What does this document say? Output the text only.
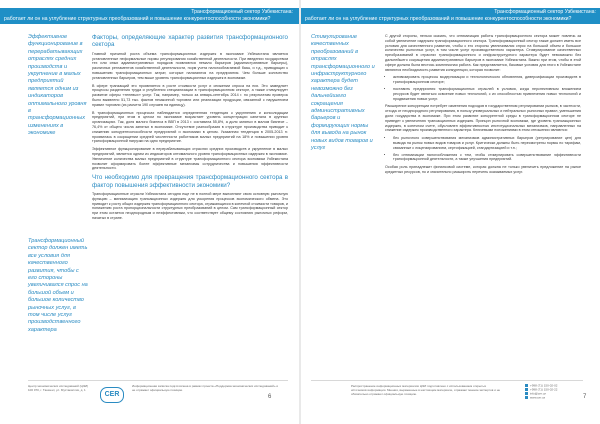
Трансформационный сектор Узбекистана:
работает ли он на углубление структурных преобразований и повышение конкурентоспособности экономики?

Эффективное функционирование в перерабатывающих отраслях средних производств и укрупнение в малых предприятий является одним из индикаторов оптимального уровня в трансформационных изменениях в экономике

Трансформационный сектор должен иметь все условия для качественного развития, чтобы с его стороны увеличивался спрос на большой объем и большое количество рыночных услуг, в том числе услуг производственного характера

Факторы, определяющие характер развития трансформационного сектора

Главной причиной роста объема трансформационных издержек в экономике Узбекистана является установленные неформальные нормы регулирования хозяйственной деятельности. При введении государством тех или иных административных порядков появляются немало барьеров (административные барьеры), различных регламентов хозяйственной деятельности, норм учета налогооблагаемой базы, и т.д., приводящих к повышению трансформационных затрат, которые налагаются на предприятия. Чем больше количество установленных барьеров, тем выше уровень трансформационных издержек в экономике.

В сфере транзакций это проявляется в росте стоимости услуг и снижении спроса на них. Это замедляет процессы разделения труда и углубления специализации в трансформационном секторе, а также стимулирует развитие сферы «теневых» услуг. Так, например, только за январь-сентябрь 2014 г. по результатам проверок было выявлено 51,73 тыс. фактов незаконной торговли или реализации продукции, связанной с нарушением правил торговли (из расчета 190 случаев на единицу).

В трансформационных процессах наблюдается определенная тенденция к укрупнению и консолидации предприятий, при этом в целом по экономике возрастает уровень концентрации капитала в крупных организациях. Так, доля малого бизнеса в ВВП в 2013 г. составила 55,8%, а доля занятых в малом бизнесе – 76,4% от общего числа занятых в экономике. Отсутствие разнообразия в структуре производства приводит к снижению конкурентоспособности предприятий и экономики в целом. Указанная тенденция в 2005-2013 гг. проявилась в сокращении средней численности работников малых предприятий на 18% и повышении уровня трансформационной нагрузки на одно предприятие.

Эффективное функционирование в перерабатывающих отраслях средних производств и укрупнение в малых предприятий, является одним из индикаторов оптимального уровня трансформационных издержек в экономике. Увеличение количества малых предприятий в структуре трансформационного сектора экономики Узбекистана позволит сформировать более эффективные механизмы сотрудничества и повышения эффективности деятельности.

Что необходимо для превращения трансформационного сектора в фактор повышения эффективности экономики?

Трансформационные отрасли Узбекистана сегодня еще не в полной мере выполняют свою основную рыночную функцию – минимизацию трансакционных издержек для ускорения процессов экономического обмена. Это приводит к росту общих издержек трансформационного сектора, отражающихся в конечной стоимости товаров, и понижению роста пропорциональности структурных преобразований в целом. Сам трансформационный сектор при этом остается неоднородным и неэффективным, что соответствует общему состоянию рыночных реформ, начатых в стране.

Центр экономических исследований (ЦЭИ) 100 070, г. Ташкент, ул. Мустакиллик, д. 1
CER
Информационная записка подготовлена в рамках проекта «Поддержка экономических исследований» и не отражает официальную позицию
6
Трансформационный сектор Узбекистана:
работает ли он на углубление структурных преобразований и повышение конкурентоспособности экономики?

Стимулирование качественных преобразований в отраслях трансформационного и инфраструктурного характера будет невозможно без дальнейшего сокращения административных барьеров и формирующих нормы для вывода на рынок новых видов товаров и услуг

С другой стороны, нельзя сказать, что оптимизация работы трансформационного сектора может повлечь за собой увеличение издержек трансформационного сектора. Трансформационный сектор также должен иметь все условия для качественного развития, чтобы с его стороны увеличивался спрос на большой объем и большое количество рыночных услуг, в том числе услуг производственного характера. Стимулирование качественных преобразований в отраслях трансформационного и инфраструктурного характера будет невозможно без дальнейшего сокращения административных барьеров в экономике Узбекистана. Важно при этом, чтобы в этой сфере должна была вестись комплексная работа. Как представляется, базовые условия для этого в Узбекистане являются необходимость развития конкуренции, которая позволит:

• активизировать процессы модернизации и технологического обновления, диверсификации производств в трансформационном секторе;
• поставить предприятия трансформационных отраслей в условия, когда перспективным вложением ресурсов будет являться освоение новых технологий, с их способностью привлечения новых технологий и продвижения новых услуг.

Расширение конкуренции потребует изменения подходов в государственном регулировании рынков, в частности, отхода от неоднородного регулирования, в пользу универсальных и нейтральных рыночных правил, уменьшения доли государства в экономике. При этом развитие конкурентной среды в трансформационном секторе не приведет к увеличению трансакционных издержек. Принцип рыночной экономики, где уровень трансакционных издержек, в конечном счете, обусловлен эффективностью институциональных механизмов, направленных на снижение издержек производственного характера. Ключевыми положениями в этом отношении являются:

• без рыночного совершенствования механизмов административных барьеров (регулирование цен) для вывода на рынок новых видов товаров и услуг. Критически должны быть пересмотрены нормы по тарифам, связанные с лицензированием, сертификацией, стандартизацией и т.п.;
• без оптимизации налогообложения с тем, чтобы стимулировать совершенствование эффективности трансформационной деятельности, а также улучшения предприятий.

Особая роль принадлежит финансовой системе, которая должна не только увеличить предложение на рынке кредитных ресурсов, но и значительно расширить перечень оказываемых услуг.

Распространение информационных материалов ЦЭИ подготовлено с использованием открытых источников информации. Мнения, выраженные в настоящем материале, отражают мнение экспертов и не обязательно отражают официальную позицию.
+998 (71) 150-02-02
+998 (71) 150-02-22
info@cer.uz
www.cer.uz	7
